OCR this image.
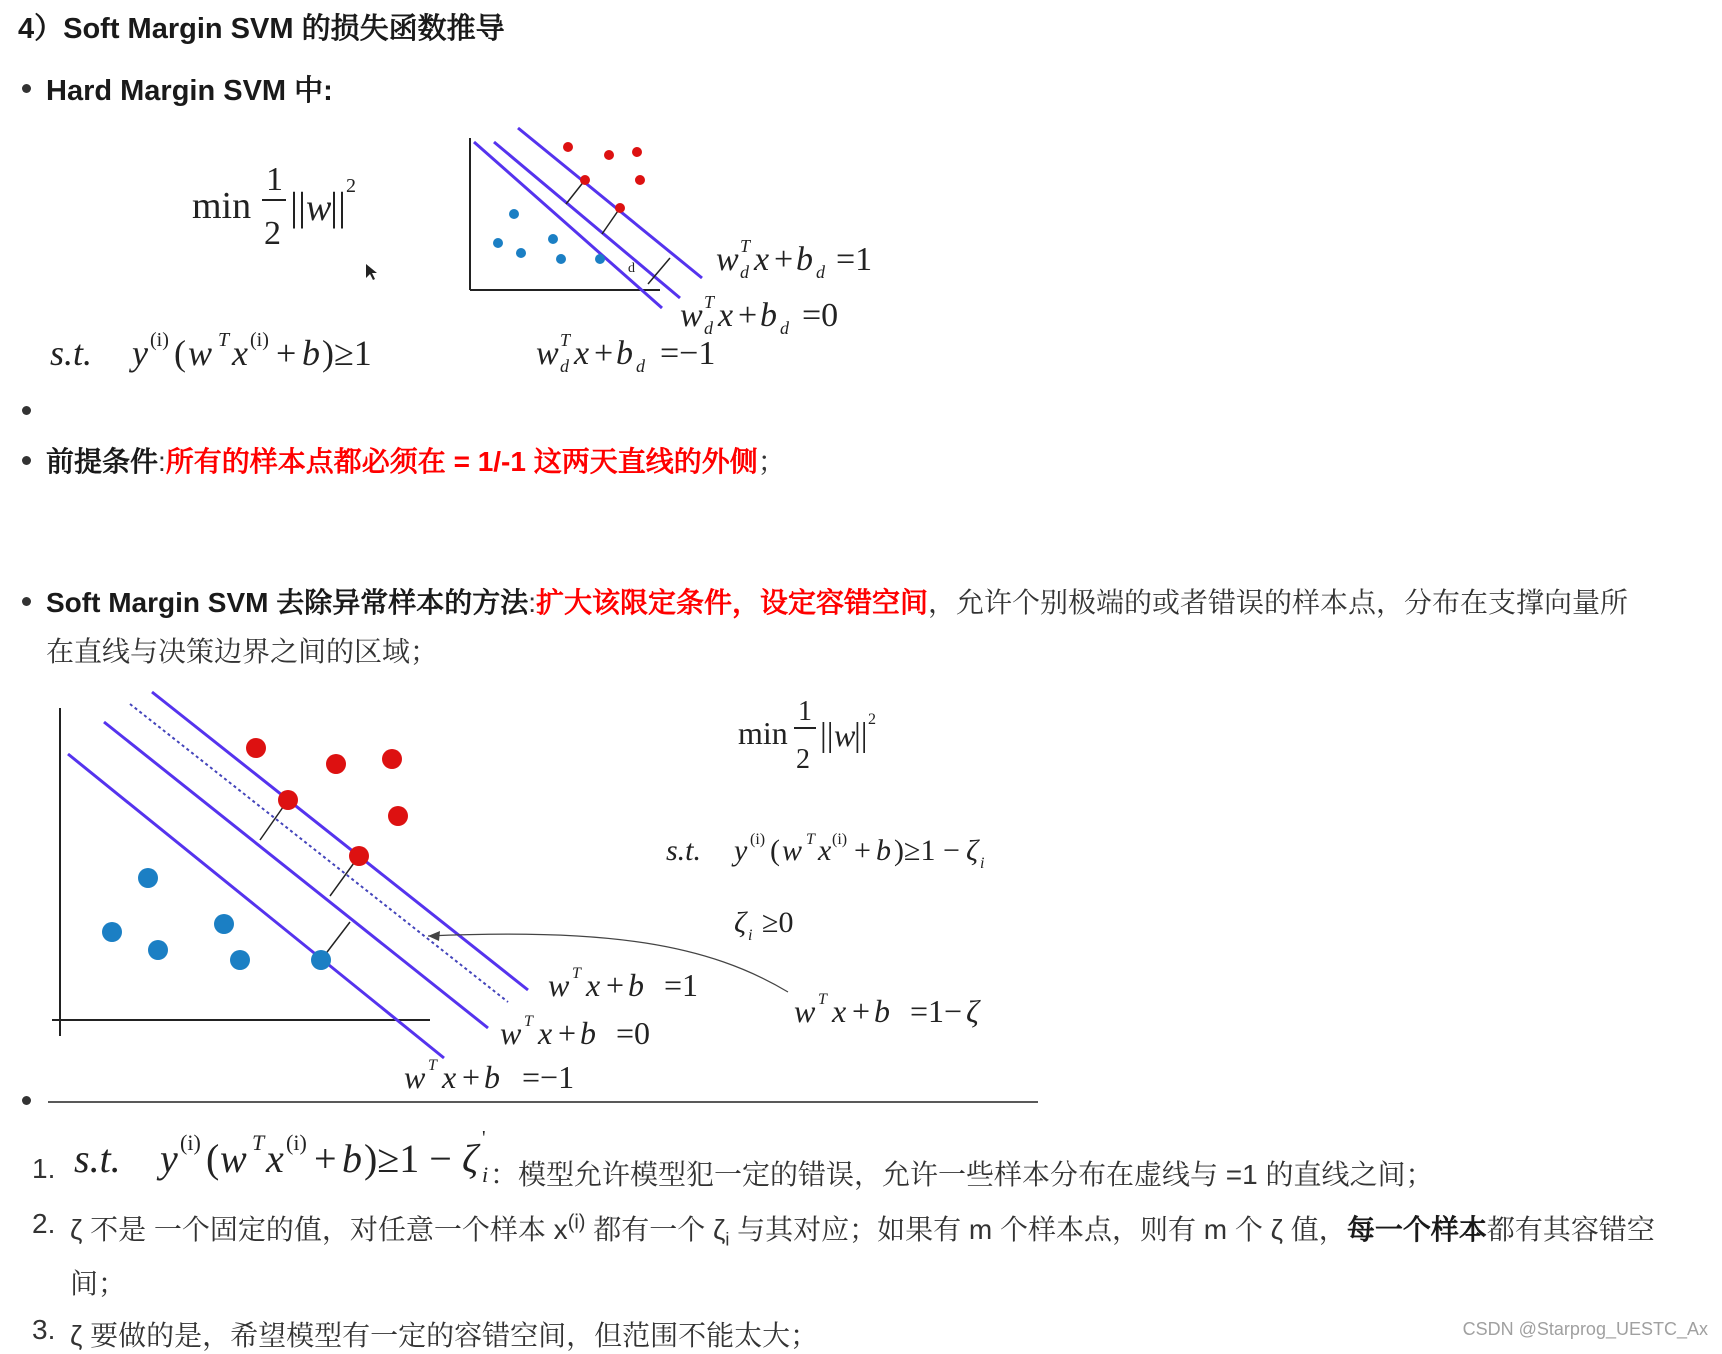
4）Soft Margin SVM 的损失函数推导
Hard Margin SVM 中:
min
1
2
|| w
|| 2
s.t. y (i) ( w T x (i) + b )≥1
d w T
d x + b d =1
w T
d x + b d =0
w T
d x + b d =−1
前提条件:所有的样本点都必须在 = 1/-1 这两天直线的外侧；
Soft Margin SVM 去除异常样本的方法:扩大该限定条件，设定容错空间，允许个别极端的或者错误的样本点，分布在支撑向量所
在直线与决策边界之间的区域；
min
1
2
|| w
|| 2
s.t. y (i) ( w T x (i) + b )≥1 − ζ i
ζ i ≥0
w T x + b =1
w T x + b =0
w T x + b =−1
w T x + b =1− ζ
1. s.t. y (i) ( w T x (i) + b )≥1 − ζ i
'
：模型允许模型犯一定的错误，允许一些样本分布在虚线与 =1 的直线之间；
2. ζ 不是 一个固定的值，对任意一个样本 $x^{(i)}$ 都有一个 $\zeta_i$ 与其对应；如果有 m 个样本点，则有 m 个 ζ 值，每一个样本都有其容错空
间；
3. ζ 要做的是，希望模型有一定的容错空间，但范围不能太大；	CSDN @Starprog_UESTC_Ax
